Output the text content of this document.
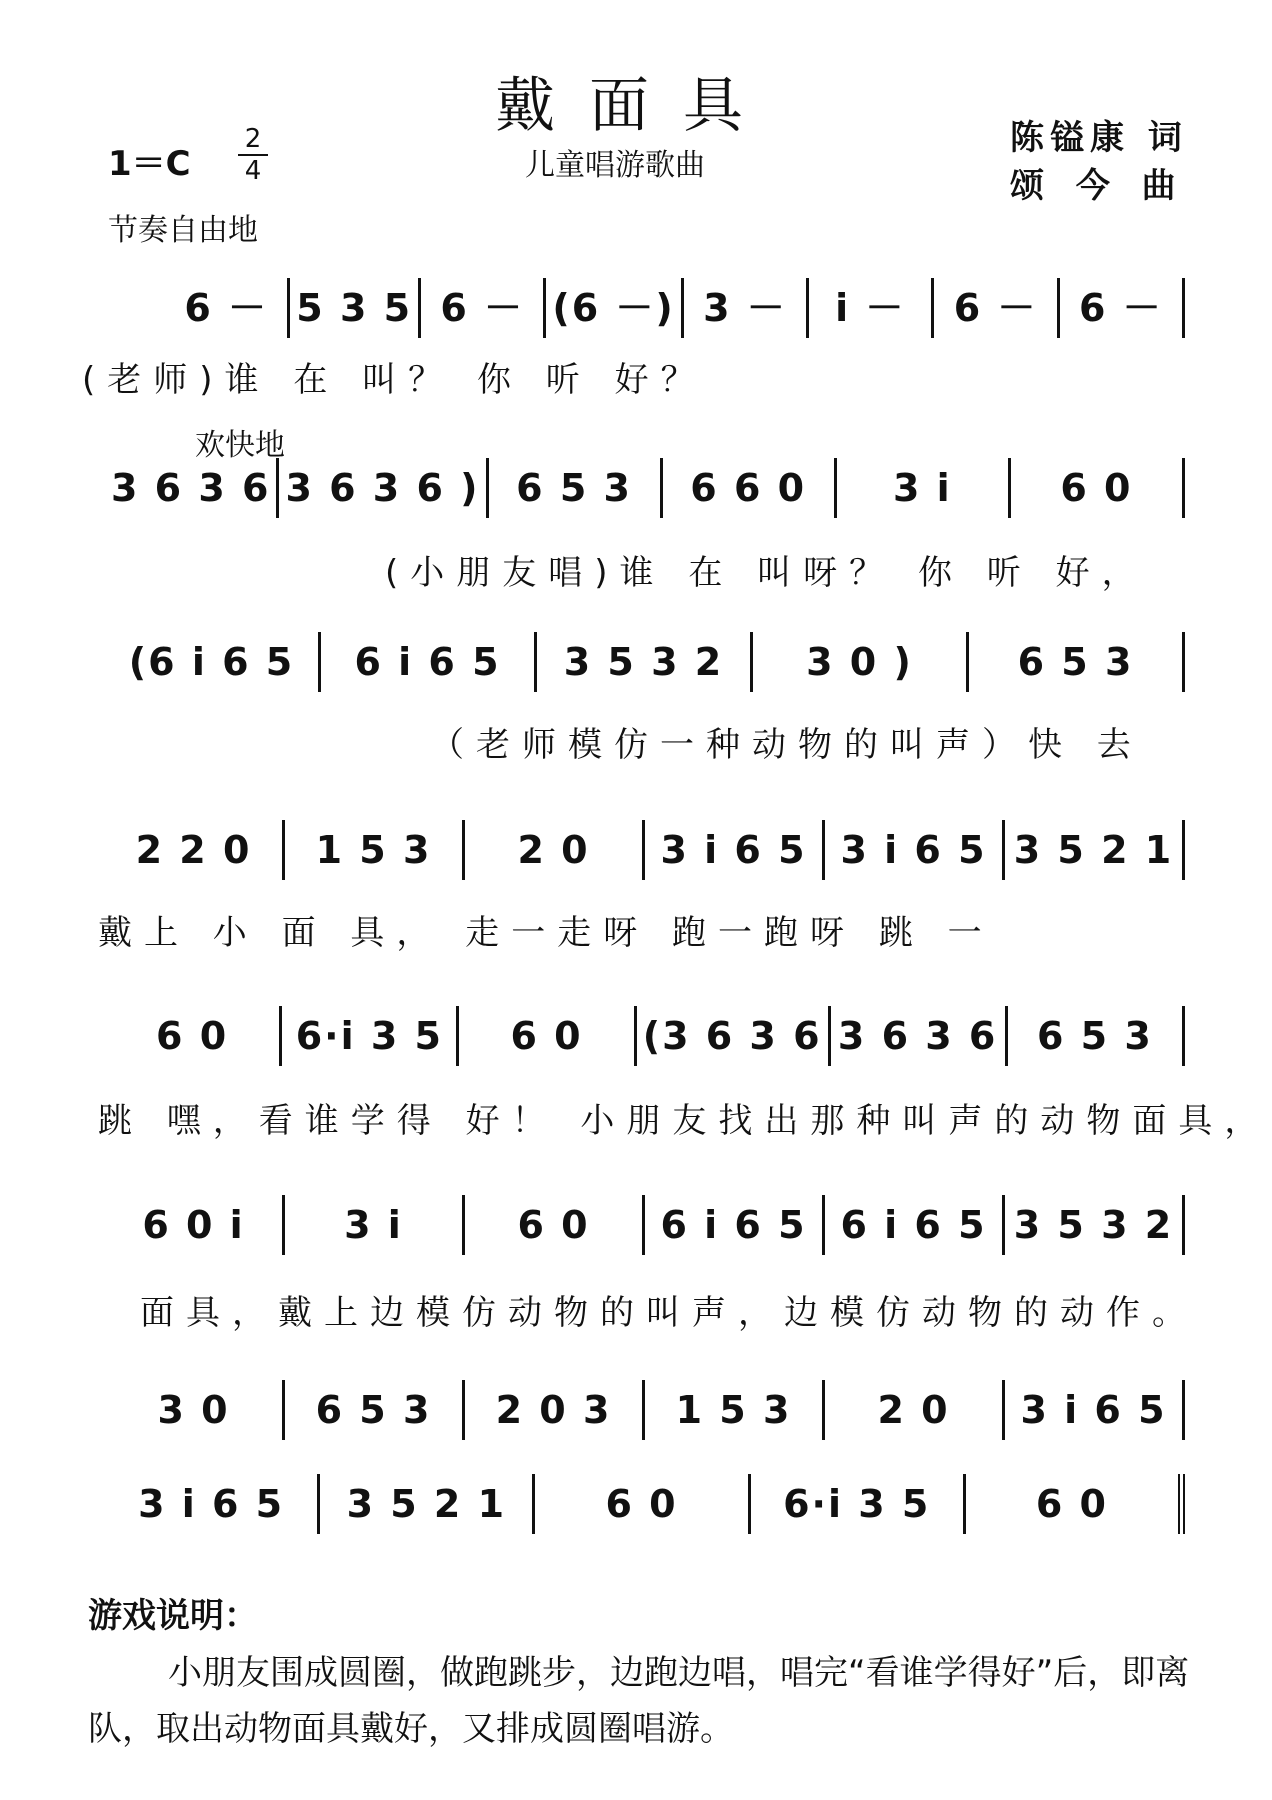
戴面具
儿童唱游歌曲
$1=C \frac{2}{4}$	陈镒康 词
颂 今 曲
节奏自由地
欢快地
6 － 5 3 5 6 － (6 －) 3 －	i －	6 －	6 －
(老师)谁 在 叫？ 你 听 好？
3 6 3 6 3 6 3 6 ) 6 5 3	6 6 0	3 i	6 0
(小朋友唱)谁 在 叫呀？ 你 听 好，
(6 i 6 5	6 i 6 5	3 5 3 2	3 0 )	6 5 3
（老师模仿一种动物的叫声）快 去
2 2 0	1 5 3	2 0	3 i 6 5 3 i 6 5 3 5 2 1
戴上 小 面 具， 走一走呀 跑一跑呀 跳 一
6 0	6·i 3 5	6 0	(3 6 3 6 3 6 3 6	6 5 3
跳 嘿，看谁学得 好！ 小朋友找出那种叫声的动物面具，
6 0 i	3 i	6 0	6 i 6 5 6 i 6 5 3 5 3 2
面具，戴上边模仿动物的叫声，边模仿动物的动作。
3 0	6 5 3	2 0 3	1 5 3	2 0	3 i 6 5
3 i 6 5	3 5 2 1	6 0	6·i 3 5	6 0
游戏说明：
小朋友围成圆圈，做跑跳步，边跑边唱，唱完“看谁学得好”后，即离队，取出动物面具戴好，又排成圆圈唱游。
